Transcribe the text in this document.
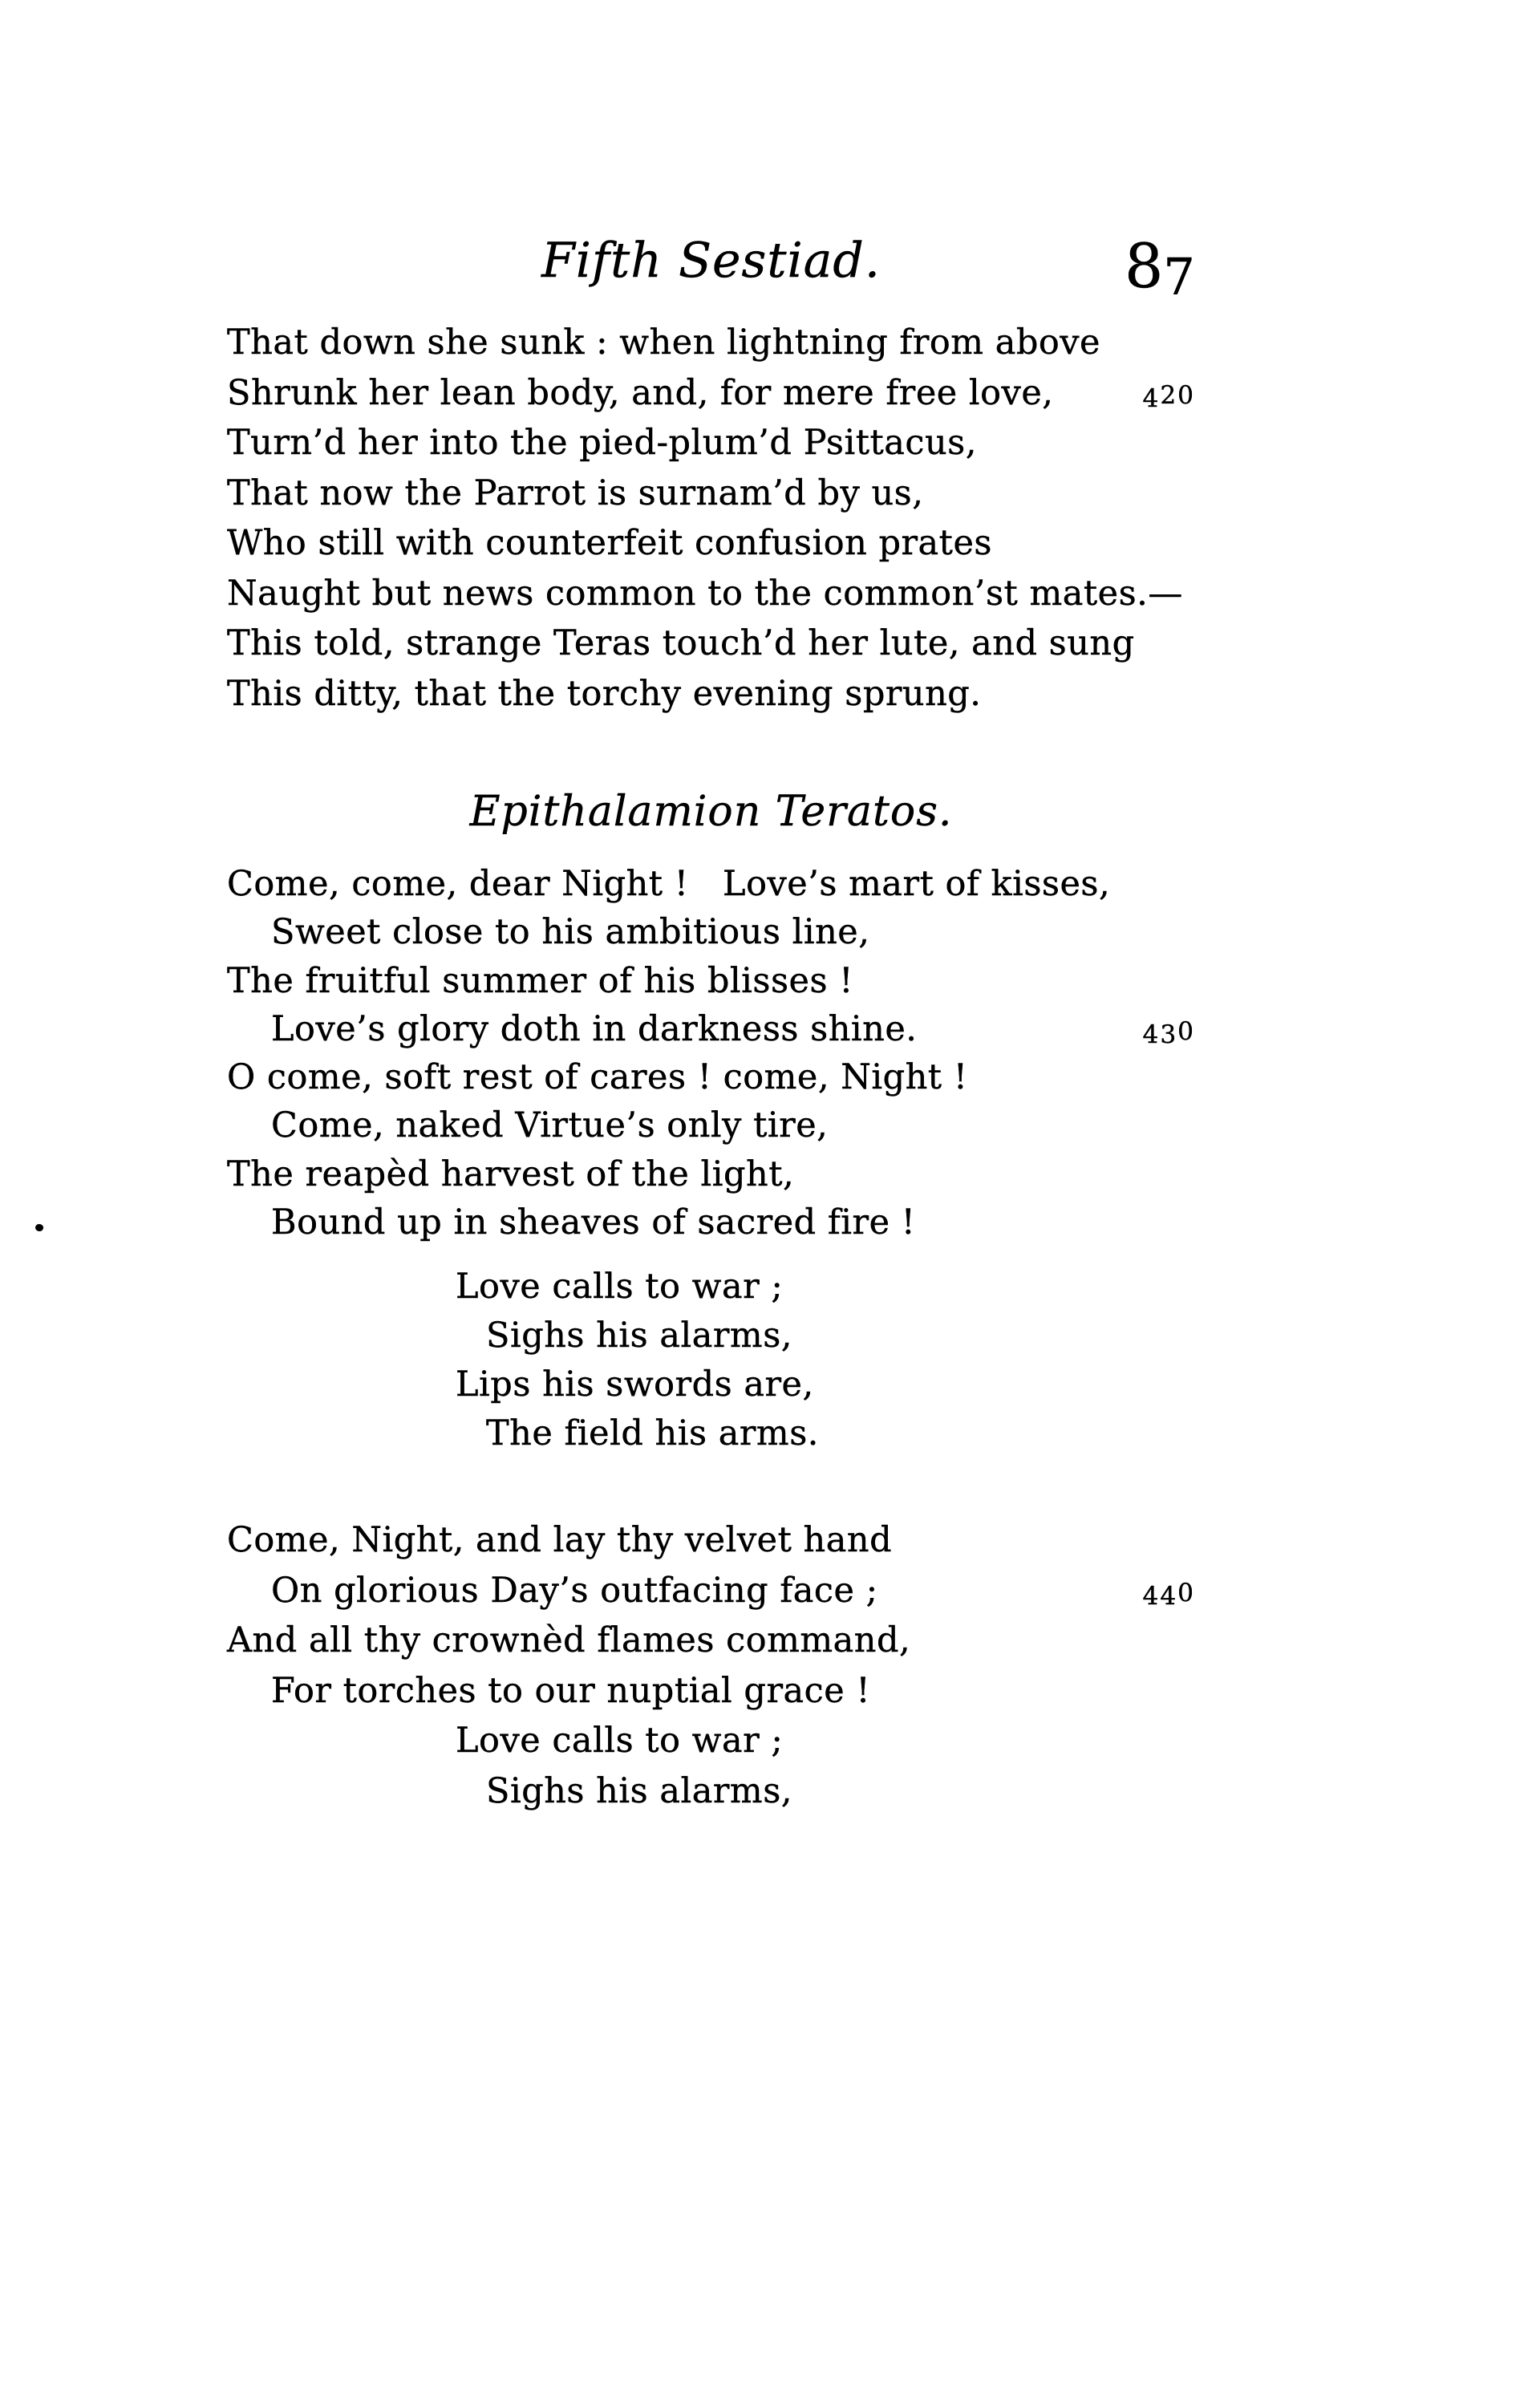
Fifth Sestiad.	87
That down she sunk : when lightning from above
Shrunk her lean body, and, for mere free love,	420
Turn’d her into the pied-plum’d Psittacus,
That now the Parrot is surnam’d by us,
Who still with counterfeit confusion prates
Naught but news common to the common’st mates.—
This told, strange Teras touch’d her lute, and sung
This ditty, that the torchy evening sprung.
Epithalamion Teratos.
Come, come, dear Night !   Love’s mart of kisses,
Sweet close to his ambitious line,
The fruitful summer of his blisses !
Love’s glory doth in darkness shine.	430
O come, soft rest of cares ! come, Night !
Come, naked Virtue’s only tire,
The reapèd harvest of the light,
Bound up in sheaves of sacred fire !
Love calls to war ;
Sighs his alarms,
Lips his swords are,
The field his arms.
Come, Night, and lay thy velvet hand
On glorious Day’s outfacing face ;	440
And all thy crownèd flames command,
For torches to our nuptial grace !
Love calls to war ;
Sighs his alarms,
